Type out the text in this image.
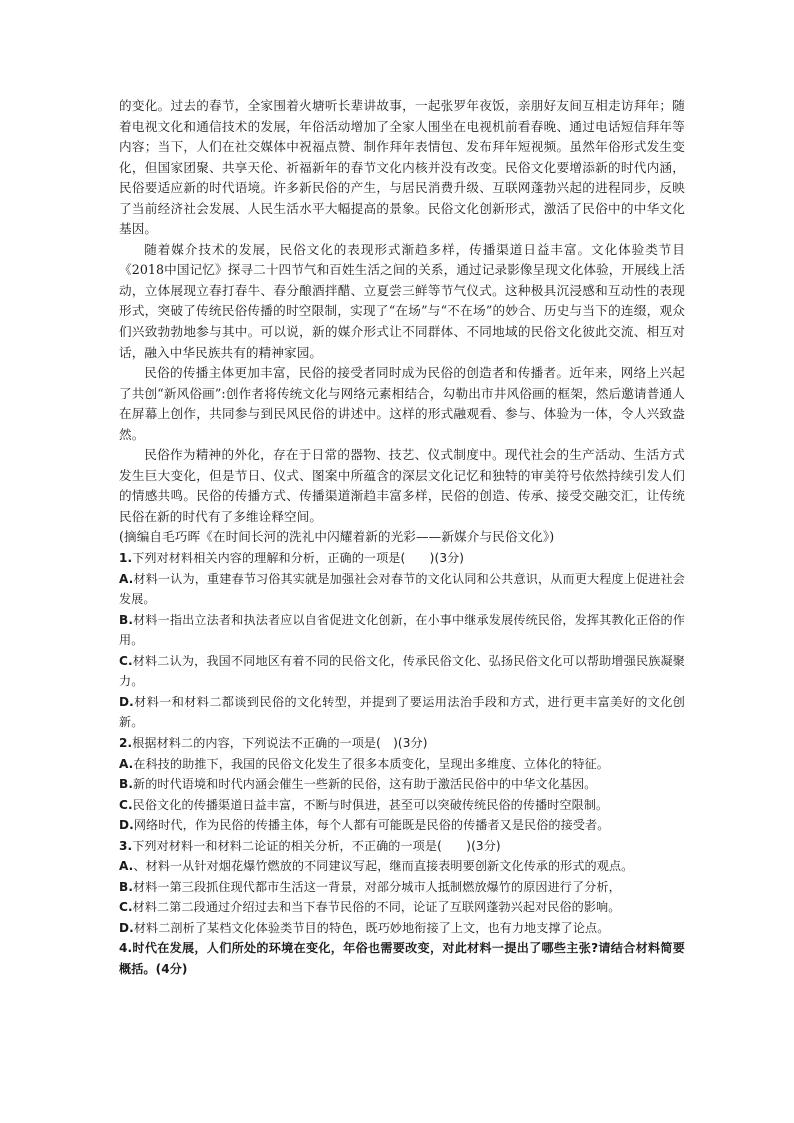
的变化。过去的春节，全家围着火塘听长辈讲故事，一起张罗年夜饭，亲朋好友间互相走访拜年；随着电视文化和通信技术的发展，年俗活动增加了全家人围坐在电视机前看春晚、通过电话短信拜年等内容；当下，人们在社交媒体中祝福点赞、制作拜年表情包、发布拜年短视频。虽然年俗形式发生变化，但国家团聚、共享天伦、祈福新年的春节文化内核并没有改变。民俗文化要增添新的时代内涵，民俗要适应新的时代语境。许多新民俗的产生，与居民消费升级、互联网蓬勃兴起的进程同步，反映了当前经济社会发展、人民生活水平大幅提高的景象。民俗文化创新形式，激活了民俗中的中华文化基因。

随着媒介技术的发展，民俗文化的表现形式渐趋多样，传播渠道日益丰富。文化体验类节目《2018中国记忆》探寻二十四节气和百姓生活之间的关系，通过记录影像呈现文化体验，开展线上活动，立体展现立春打春牛、春分酿酒拌醋、立夏尝三鲜等节气仪式。这种极具沉浸感和互动性的表现形式，突破了传统民俗传播的时空限制，实现了“在场”与“不在场”的妙合、历史与当下的连缀，观众们兴致勃勃地参与其中。可以说，新的媒介形式让不同群体、不同地域的民俗文化彼此交流、相互对话，融入中华民族共有的精神家园。

民俗的传播主体更加丰富，民俗的接受者同时成为民俗的创造者和传播者。近年来，网络上兴起了共创“新风俗画”:创作者将传统文化与网络元素相结合，勾勒出市井风俗画的框架，然后邀请普通人在屏幕上创作，共同参与到民风民俗的讲述中。这样的形式融观看、参与、体验为一体，令人兴致盎然。

民俗作为精神的外化，存在于日常的器物、技艺、仪式制度中。现代社会的生产活动、生活方式发生巨大变化，但是节日、仪式、图案中所蕴含的深层文化记忆和独特的审美符号依然持续引发人们的情感共鸣。民俗的传播方式、传播渠道渐趋丰富多样，民俗的创造、传承、接受交融交汇，让传统民俗在新的时代有了多维诠释空间。

(摘编自毛巧晖《在时间长河的洗礼中闪耀着新的光彩——新媒介与民俗文化》)

1.下列对材料相关内容的理解和分析，正确的一项是(　　)(3分)

A.材料一认为，重建春节习俗其实就是加强社会对春节的文化认同和公共意识，从而更大程度上促进社会发展。

B.材料一指出立法者和执法者应以自省促进文化创新，在小事中继承发展传统民俗，发挥其教化正俗的作用。

C.材料二认为，我国不同地区有着不同的民俗文化，传承民俗文化、弘扬民俗文化可以帮助增强民族凝聚力。

D.材料一和材料二都谈到民俗的文化转型，并提到了要运用法治手段和方式，进行更丰富美好的文化创新。

2.根据材料二的内容，下列说法不正确的一项是(　)(3分)

A.在科技的助推下，我国的民俗文化发生了很多本质变化，呈现出多维度、立体化的特征。

B.新的时代语境和时代内涵会催生一些新的民俗，这有助于激活民俗中的中华文化基因。

C.民俗文化的传播渠道日益丰富，不断与时俱进，甚至可以突破传统民俗的传播时空限制。

D.网络时代，作为民俗的传播主体，每个人都有可能既是民俗的传播者又是民俗的接受者。

3.下列对材料一和材料二论证的相关分析，不正确的一项是(　　)(3分)

A.、材料一从针对烟花爆竹燃放的不同建议写起，继而直接表明要创新文化传承的形式的观点。

B.材料一第三段抓住现代都市生活这一背景，对部分城市人抵制燃放爆竹的原因进行了分析，

C.材料二第二段通过介绍过去和当下春节民俗的不同，论证了互联网蓬勃兴起对民俗的影响。

D.材料二剖析了某档文化体验类节目的特色，既巧妙地衔接了上文，也有力地支撑了论点。

4.时代在发展，人们所处的环境在变化，年俗也需要改变，对此材料一提出了哪些主张?请结合材料简要概括。(4分)
